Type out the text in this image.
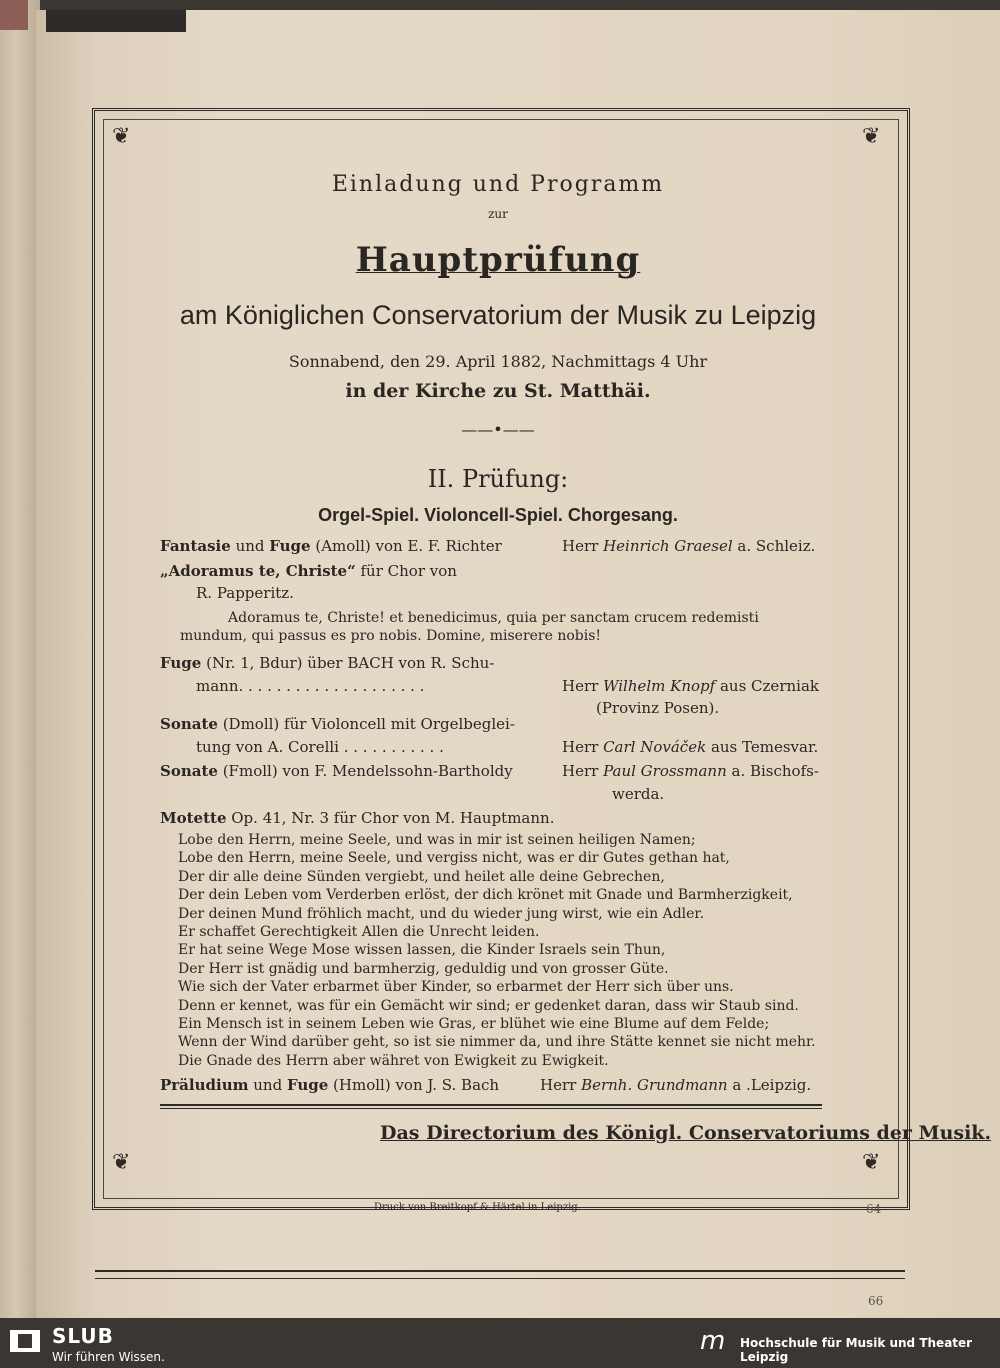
❦	❦
❦	❦
Einladung und Programm
zur
Hauptprüfung
am Königlichen Conservatorium der Musik zu Leipzig
Sonnabend, den 29. April 1882, Nachmittags 4 Uhr
in der Kirche zu St. Matthäi.
——•——
II. Prüfung:
Orgel-Spiel. Violoncell-Spiel. Chorgesang.
Fantasie und Fuge (Amoll) von E. F. Richter	Herr Heinrich Graesel a. Schleiz.
„Adoramus te, Christe“ für Chor von
R. Papperitz.
Adoramus te, Christe! et benedicimus, quia per sanctam crucem redemisti
mundum, qui passus es pro nobis. Domine, miserere nobis!
Fuge (Nr. 1, Bdur) über BACH von R. Schu-
mann. . . . . . . . . . . . . . . . . . . .	Herr Wilhelm Knopf aus Czerniak
(Provinz Posen).
Sonate (Dmoll) für Violoncell mit Orgelbeglei-
tung von A. Corelli . . . . . . . . . . .	Herr Carl Nováček aus Temesvar.
Sonate (Fmoll) von F. Mendelssohn-Bartholdy	Herr Paul Grossmann a. Bischofs-
werda.
Motette Op. 41, Nr. 3 für Chor von M. Hauptmann.
Lobe den Herrn, meine Seele, und was in mir ist seinen heiligen Namen;
Lobe den Herrn, meine Seele, und vergiss nicht, was er dir Gutes gethan hat,
Der dir alle deine Sünden vergiebt, und heilet alle deine Gebrechen,
Der dein Leben vom Verderben erlöst, der dich krönet mit Gnade und Barmherzigkeit,
Der deinen Mund fröhlich macht, und du wieder jung wirst, wie ein Adler.
Er schaffet Gerechtigkeit Allen die Unrecht leiden.
Er hat seine Wege Mose wissen lassen, die Kinder Israels sein Thun,
Der Herr ist gnädig und barmherzig, geduldig und von grosser Güte.
Wie sich der Vater erbarmet über Kinder, so erbarmet der Herr sich über uns.
Denn er kennet, was für ein Gemächt wir sind; er gedenket daran, dass wir Staub sind.
Ein Mensch ist in seinem Leben wie Gras, er blühet wie eine Blume auf dem Felde;
Wenn der Wind darüber geht, so ist sie nimmer da, und ihre Stätte kennet sie nicht mehr.
Die Gnade des Herrn aber währet von Ewigkeit zu Ewigkeit.
Präludium und Fuge (Hmoll) von J. S. Bach	Herr Bernh. Grundmann a .Leipzig.
Das Directorium des Königl. Conservatoriums der Musik.
Druck von Breitkopf & Härtel in Leipzig.	64
66
SLUB
Wir führen Wissen.
m Hochschule für Musik und Theater Leipzig
